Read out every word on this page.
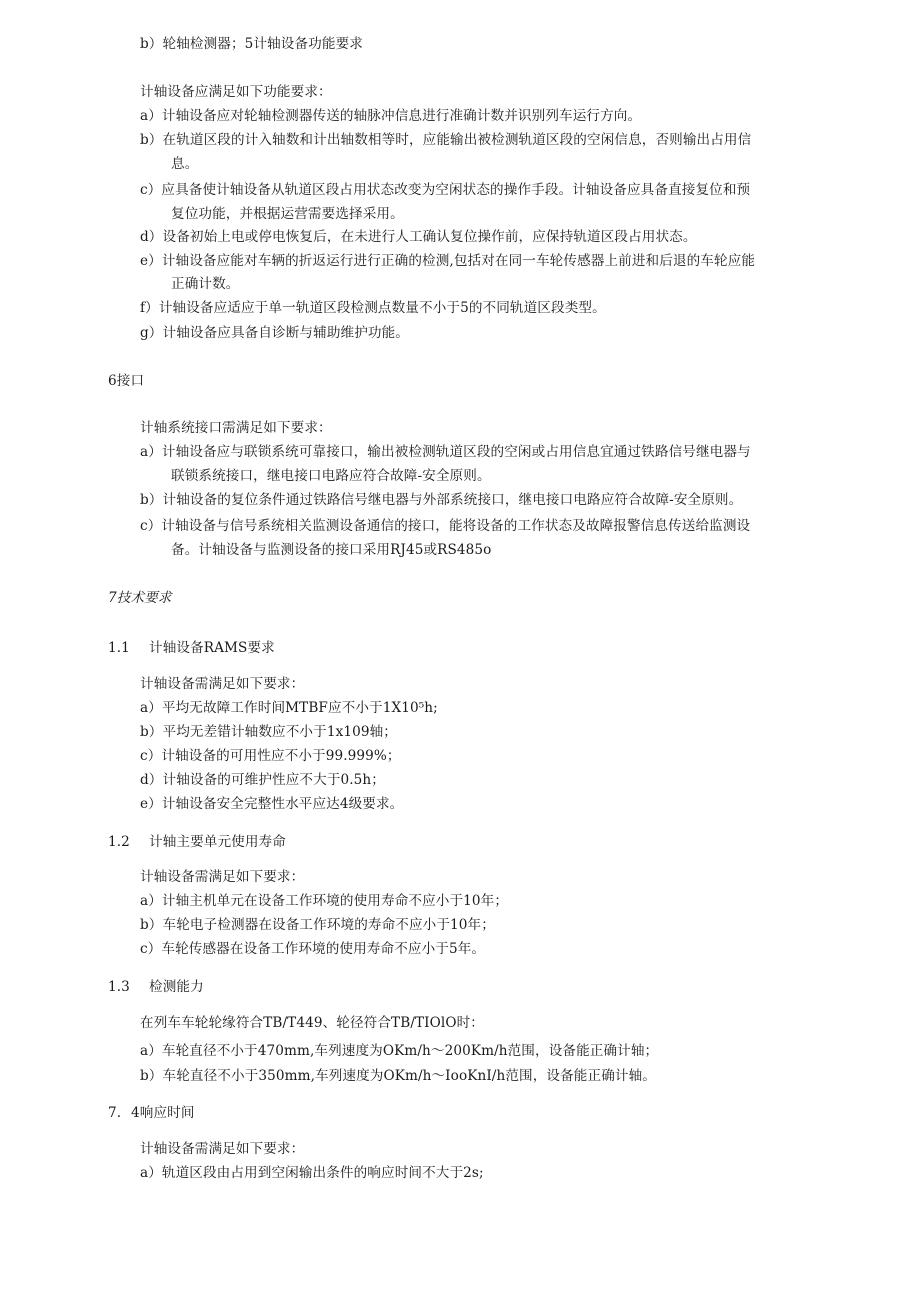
b）轮轴检测器；5计轴设备功能要求
计轴设备应满足如下功能要求：
a）计轴设备应对轮轴检测器传送的轴脉冲信息进行准确计数并识别列车运行方向。
b）在轨道区段的计入轴数和计出轴数相等时，应能输出被检测轨道区段的空闲信息，否则输出占用信
息。
c）应具备使计轴设备从轨道区段占用状态改变为空闲状态的操作手段。计轴设备应具备直接复位和预
复位功能，并根据运营需要选择采用。
d）设备初始上电或停电恢复后，在未进行人工确认复位操作前，应保持轨道区段占用状态。
e）计轴设备应能对车辆的折返运行进行正确的检测,包括对在同一车轮传感器上前进和后退的车轮应能
正确计数。
f）计轴设备应适应于单一轨道区段检测点数量不小于5的不同轨道区段类型。
g）计轴设备应具备自诊断与辅助维护功能。
6接口
计轴系统接口需满足如下要求：
a）计轴设备应与联锁系统可靠接口，输出被检测轨道区段的空闲或占用信息宜通过铁路信号继电器与
联锁系统接口，继电接口电路应符合故障-安全原则。
b）计轴设备的复位条件通过铁路信号继电器与外部系统接口，继电接口电路应符合故障-安全原则。
c）计轴设备与信号系统相关监测设备通信的接口，能将设备的工作状态及故障报警信息传送给监测设
备。计轴设备与监测设备的接口采用RJ45或RS485o
7技术要求
1.1 计轴设备RAMS要求
计轴设备需满足如下要求：
a）平均无故障工作时间MTBF应不小于1X10⁵h;
b）平均无差错计轴数应不小于1x109轴；
c）计轴设备的可用性应不小于99.999%；
d）计轴设备的可维护性应不大于0.5h；
e）计轴设备安全完整性水平应达4级要求。
1.2 计轴主要单元使用寿命
计轴设备需满足如下要求：
a）计轴主机单元在设备工作环境的使用寿命不应小于10年；
b）车轮电子检测器在设备工作环境的寿命不应小于10年；
c）车轮传感器在设备工作环境的使用寿命不应小于5年。
1.3 检测能力
在列车车轮轮缘符合TB/T449、轮径符合TB/TIOlO时：
a）车轮直径不小于470mm,车列速度为OKm/h～200Km/h范围，设备能正确计轴；
b）车轮直径不小于350mm,车列速度为OKm/h～IooKnI/h范围，设备能正确计轴。
7. 4响应时间
计轴设备需满足如下要求：
a）轨道区段由占用到空闲输出条件的响应时间不大于2s;
